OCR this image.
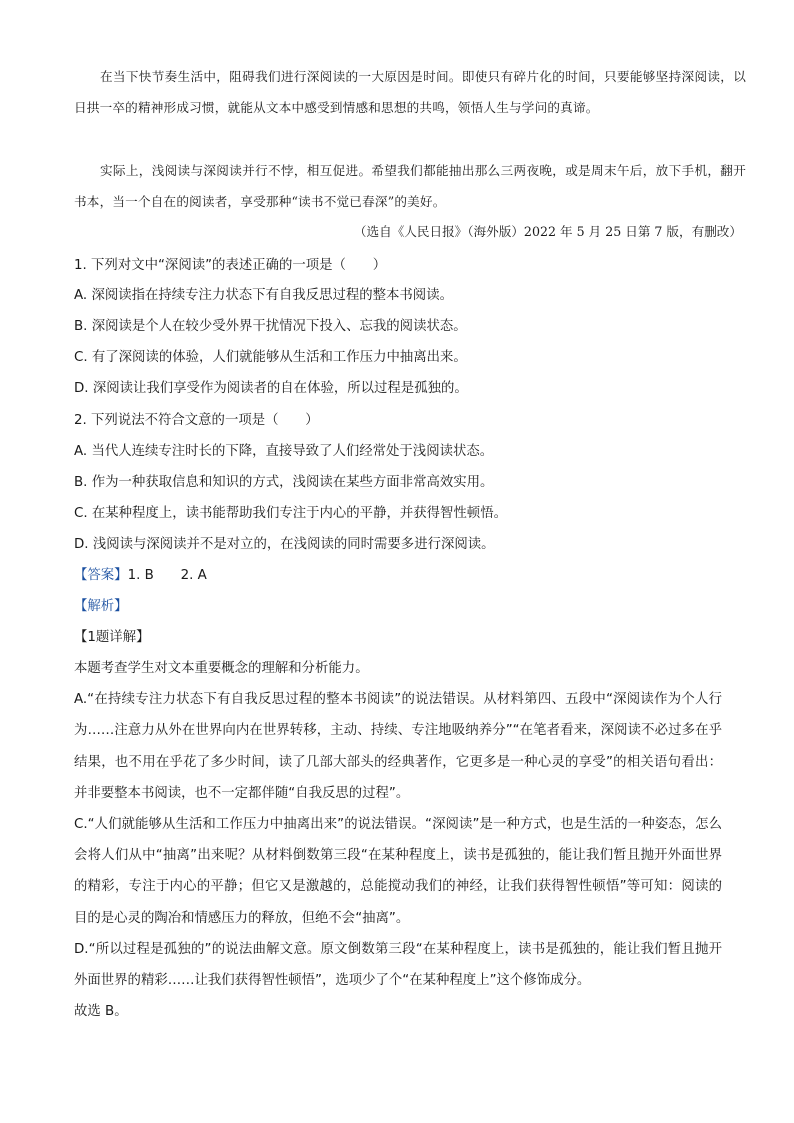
在当下快节奏生活中，阻碍我们进行深阅读的一大原因是时间。即使只有碎片化的时间，只要能够坚持深阅读，以日拱一卒的精神形成习惯，就能从文本中感受到情感和思想的共鸣，领悟人生与学问的真谛。

实际上，浅阅读与深阅读并行不悖，相互促进。希望我们都能抽出那么三两夜晚，或是周末午后，放下手机，翻开书本，当一个自在的阅读者，享受那种“读书不觉已春深”的美好。

（选自《人民日报》（海外版）2022 年 5 月 25 日第 7 版，有删改）
1. 下列对文中“深阅读”的表述正确的一项是（　　）
A. 深阅读指在持续专注力状态下有自我反思过程的整本书阅读。
B. 深阅读是个人在较少受外界干扰情况下投入、忘我的阅读状态。
C. 有了深阅读的体验，人们就能够从生活和工作压力中抽离出来。
D. 深阅读让我们享受作为阅读者的自在体验，所以过程是孤独的。
2. 下列说法不符合文意的一项是（　　）
A. 当代人连续专注时长的下降，直接导致了人们经常处于浅阅读状态。
B. 作为一种获取信息和知识的方式，浅阅读在某些方面非常高效实用。
C. 在某种程度上，读书能帮助我们专注于内心的平静，并获得智性顿悟。
D. 浅阅读与深阅读并不是对立的，在浅阅读的同时需要多进行深阅读。
【答案】1. B　　2. A
【解析】
【1题详解】

本题考查学生对文本重要概念的理解和分析能力。

A.“在持续专注力状态下有自我反思过程的整本书阅读”的说法错误。从材料第四、五段中“深阅读作为个人行为……注意力从外在世界向内在世界转移，主动、持续、专注地吸纳养分”“在笔者看来，深阅读不必过多在乎结果，也不用在乎花了多少时间，读了几部大部头的经典著作，它更多是一种心灵的享受”的相关语句看出：并非要整本书阅读，也不一定都伴随“自我反思的过程”。

C.“人们就能够从生活和工作压力中抽离出来”的说法错误。“深阅读”是一种方式，也是生活的一种姿态，怎么会将人们从中“抽离”出来呢？从材料倒数第三段“在某种程度上，读书是孤独的，能让我们暂且抛开外面世界的精彩，专注于内心的平静；但它又是激越的，总能搅动我们的神经，让我们获得智性顿悟”等可知：阅读的目的是心灵的陶冶和情感压力的释放，但绝不会“抽离”。

D.“所以过程是孤独的”的说法曲解文意。原文倒数第三段“在某种程度上，读书是孤独的，能让我们暂且抛开外面世界的精彩……让我们获得智性顿悟”，选项少了个“在某种程度上”这个修饰成分。

故选 B。
